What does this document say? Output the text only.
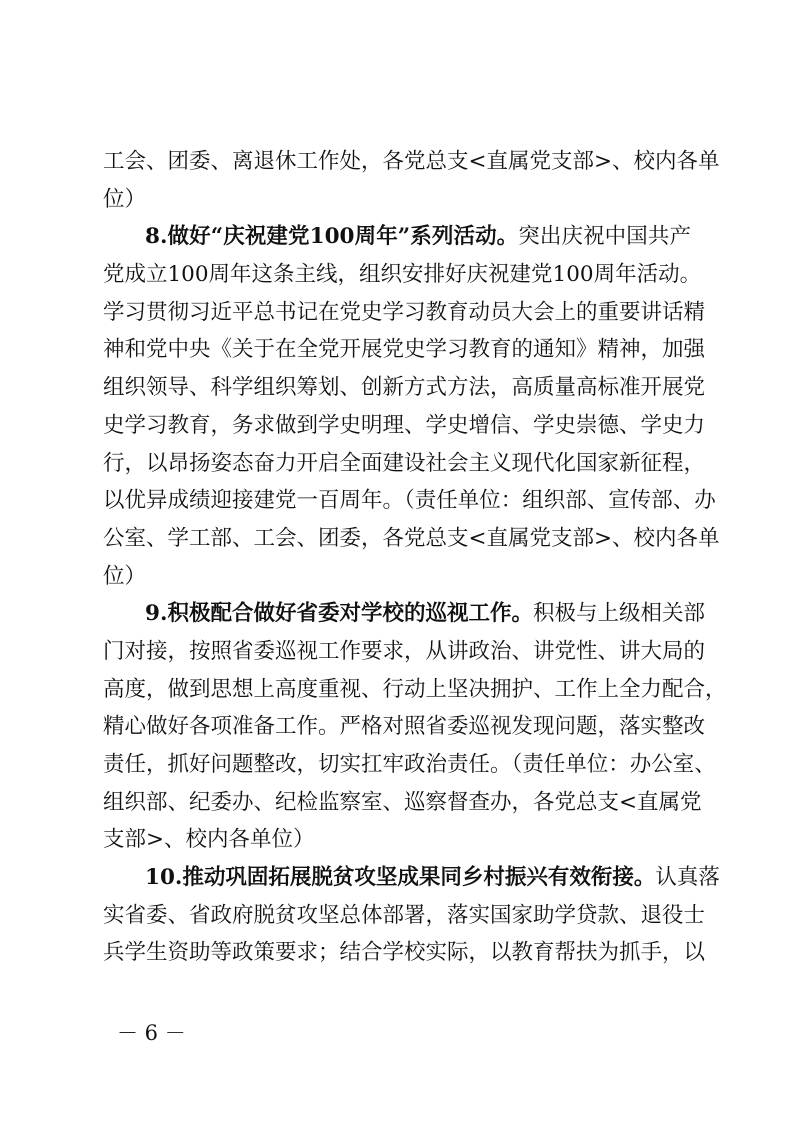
工会、团委、离退休工作处，各党总支<直属党支部>、校内各单
位）
8.做好“庆祝建党100周年”系列活动。突出庆祝中国共产
党成立100周年这条主线，组织安排好庆祝建党100周年活动。
学习贯彻习近平总书记在党史学习教育动员大会上的重要讲话精
神和党中央《关于在全党开展党史学习教育的通知》精神，加强
组织领导、科学组织筹划、创新方式方法，高质量高标准开展党
史学习教育，务求做到学史明理、学史增信、学史崇德、学史力
行，以昂扬姿态奋力开启全面建设社会主义现代化国家新征程，
以优异成绩迎接建党一百周年。（责任单位：组织部、宣传部、办
公室、学工部、工会、团委，各党总支<直属党支部>、校内各单
位）
9.积极配合做好省委对学校的巡视工作。积极与上级相关部
门对接，按照省委巡视工作要求，从讲政治、讲党性、讲大局的
高度，做到思想上高度重视、行动上坚决拥护、工作上全力配合，
精心做好各项准备工作。严格对照省委巡视发现问题，落实整改
责任，抓好问题整改，切实扛牢政治责任。（责任单位：办公室、
组织部、纪委办、纪检监察室、巡察督查办，各党总支<直属党
支部>、校内各单位）
10.推动巩固拓展脱贫攻坚成果同乡村振兴有效衔接。认真落
实省委、省政府脱贫攻坚总体部署，落实国家助学贷款、退役士
兵学生资助等政策要求；结合学校实际，以教育帮扶为抓手，以
－ 6 －
